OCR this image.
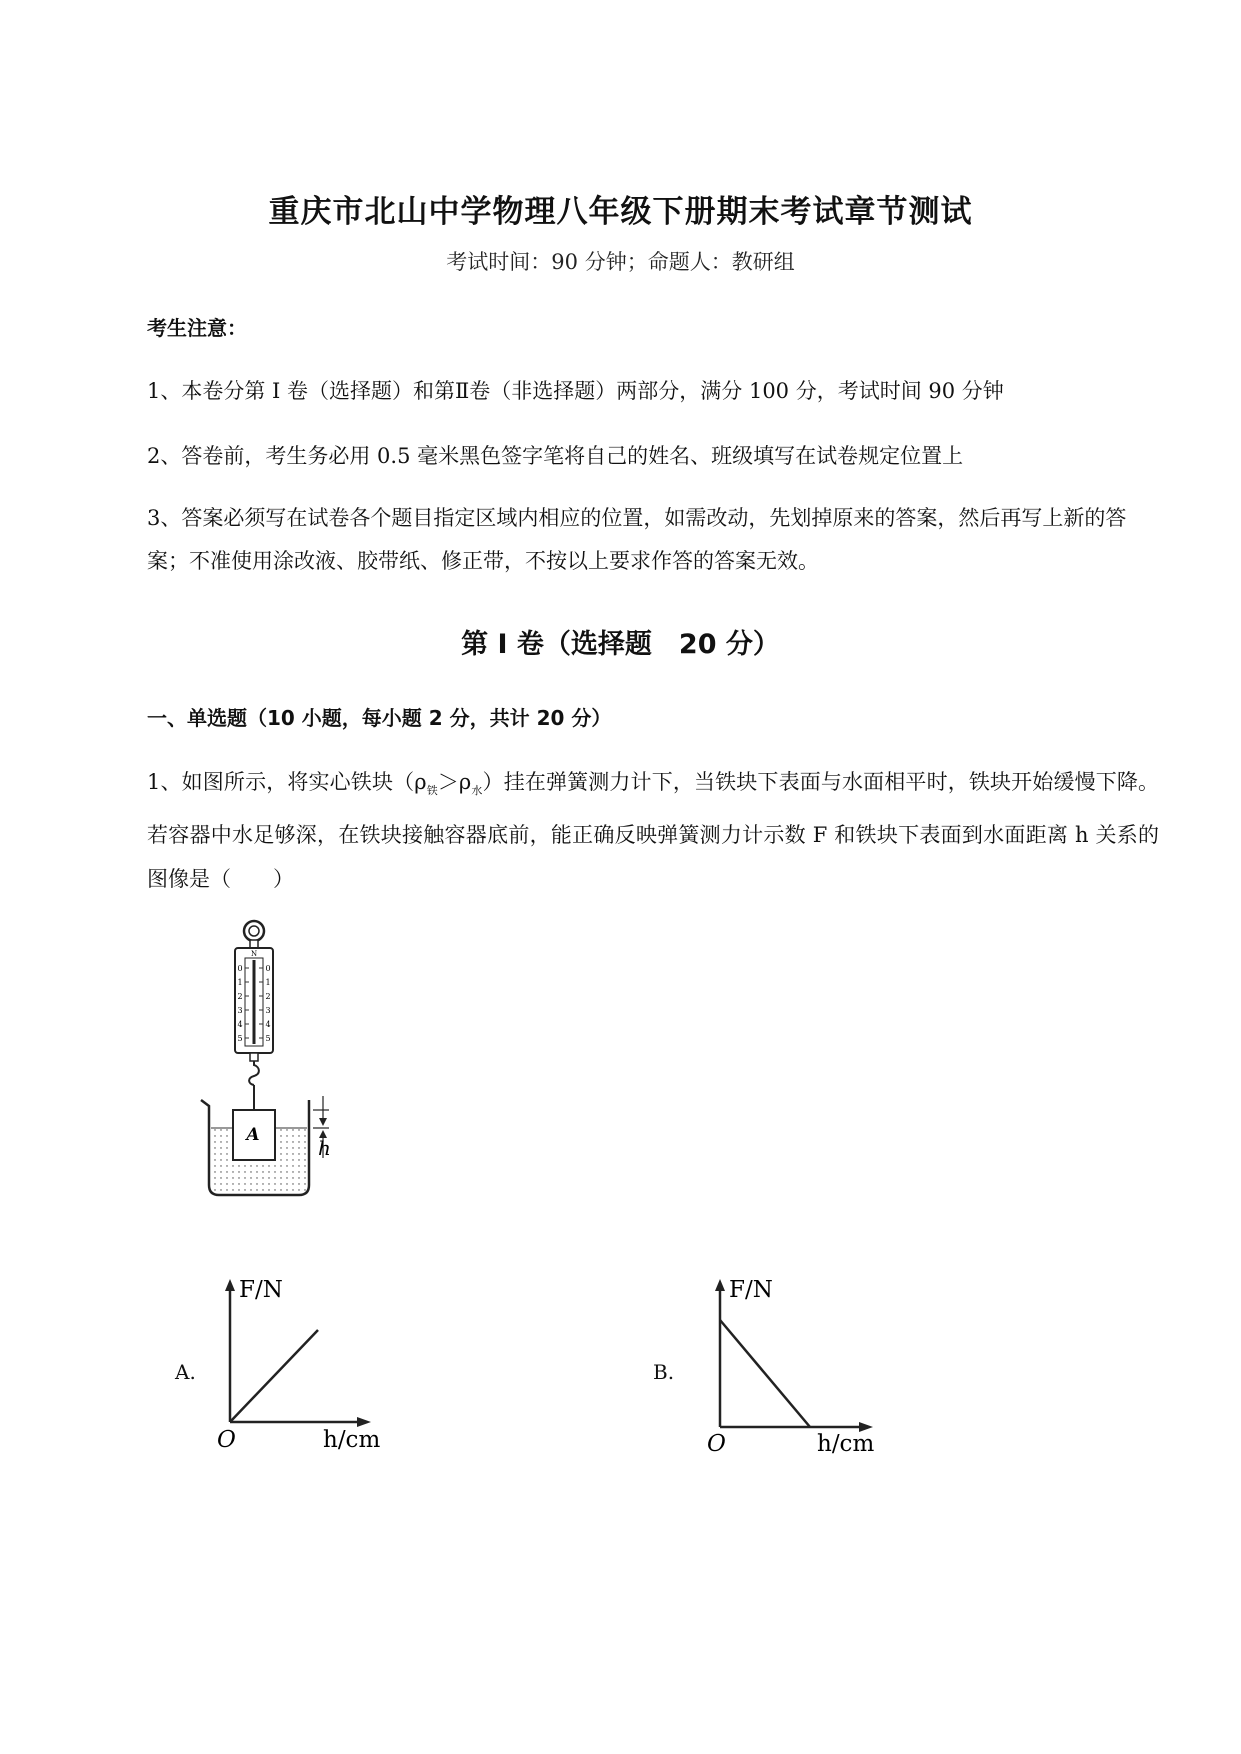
重庆市北山中学物理八年级下册期末考试章节测试
考试时间：90 分钟；命题人：教研组
考生注意：
1、本卷分第 I 卷（选择题）和第Ⅱ卷（非选择题）两部分，满分 100 分，考试时间 90 分钟
2、答卷前，考生务必用 0.5 毫米黑色签字笔将自己的姓名、班级填写在试卷规定位置上
3、答案必须写在试卷各个题目指定区域内相应的位置，如需改动，先划掉原来的答案，然后再写上新的答案；不准使用涂改液、胶带纸、修正带，不按以上要求作答的答案无效。
第 I 卷（选择题　20 分）
一、单选题（10 小题，每小题 2 分，共计 20 分）
1、如图所示，将实心铁块$(\rho_铁>\rho_水)$挂在弹簧测力计下，当铁块下表面与水面相平时，铁块开始缓慢下降。若容器中水足够深，在铁块接触容器底前，能正确反映弹簧测力计示数 F 和铁块下表面到水面距离 h 关系的图像是（　　）
N
0	0
1	1
2	2
3	3
4	4
5	5
A
h
A.
F/N
O	h/cm
B.
F/N
O	h/cm
